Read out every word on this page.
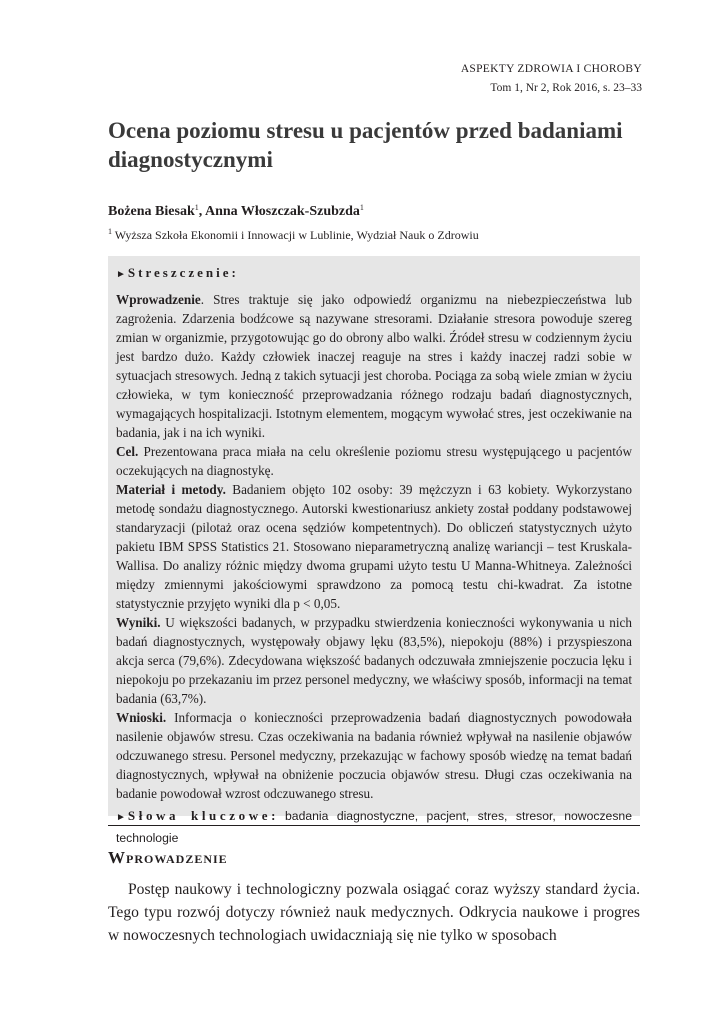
ASPEKTY ZDROWIA I CHOROBY
Tom 1, Nr 2, Rok 2016, s. 23–33
Ocena poziomu stresu u pacjentów przed badaniami diagnostycznymi
Bożena Biesak$^1$, Anna Włoszczak-Szubzda$^1$
$^1$ Wyższa Szkoła Ekonomii i Innowacji w Lublinie, Wydział Nauk o Zdrowiu
► Streszczenie:

Wprowadzenie. Stres traktuje się jako odpowiedź organizmu na niebezpieczeństwa lub zagrożenia. Zdarzenia bodźcowe są nazywane stresorami. Działanie stresora powoduje szereg zmian w organizmie, przygotowując go do obrony albo walki. Źródeł stresu w codziennym życiu jest bardzo dużo. Każdy człowiek inaczej reaguje na stres i każdy inaczej radzi sobie w sytuacjach stresowych. Jedną z takich sytuacji jest choroba. Pociąga za sobą wiele zmian w życiu człowieka, w tym konieczność przeprowadzania różnego rodzaju badań diagnostycznych, wymagających hospitalizacji. Istotnym elementem, mogącym wywołać stres, jest oczekiwanie na badania, jak i na ich wyniki.

Cel. Prezentowana praca miała na celu określenie poziomu stresu występującego u pacjentów oczekujących na diagnostykę.

Materiał i metody. Badaniem objęto 102 osoby: 39 mężczyzn i 63 kobiety. Wykorzystano metodę sondażu diagnostycznego. Autorski kwestionariusz ankiety został poddany podstawowej standaryzacji (pilotaż oraz ocena sędziów kompetentnych). Do obliczeń statystycznych użyto pakietu IBM SPSS Statistics 21. Stosowano nieparametryczną analizę wariancji – test Kruskala-Wallisa. Do analizy różnic między dwoma grupami użyto testu U Manna-Whitneya. Zależności między zmiennymi jakościowymi sprawdzono za pomocą testu chi-kwadrat. Za istotne statystycznie przyjęto wyniki dla p < 0,05.

Wyniki. U większości badanych, w przypadku stwierdzenia konieczności wykonywania u nich badań diagnostycznych, występowały objawy lęku (83,5%), niepokoju (88%) i przyspieszona akcja serca (79,6%). Zdecydowana większość badanych odczuwała zmniejszenie poczucia lęku i niepokoju po przekazaniu im przez personel medyczny, we właściwy sposób, informacji na temat badania (63,7%).

Wnioski. Informacja o konieczności przeprowadzenia badań diagnostycznych powodowała nasilenie objawów stresu. Czas oczekiwania na badania również wpływał na nasilenie objawów odczuwanego stresu. Personel medyczny, przekazując w fachowy sposób wiedzę na temat badań diagnostycznych, wpływał na obniżenie poczucia objawów stresu. Długi czas oczekiwania na badanie powodował wzrost odczuwanego stresu.

► Słowa kluczowe: badania diagnostyczne, pacjent, stres, stresor, nowoczesne technologie
Wprowadzenie

Postęp naukowy i technologiczny pozwala osiągać coraz wyższy standard życia. Tego typu rozwój dotyczy również nauk medycznych. Odkrycia naukowe i progres w nowoczesnych technologiach uwidaczniają się nie tylko w sposobach
